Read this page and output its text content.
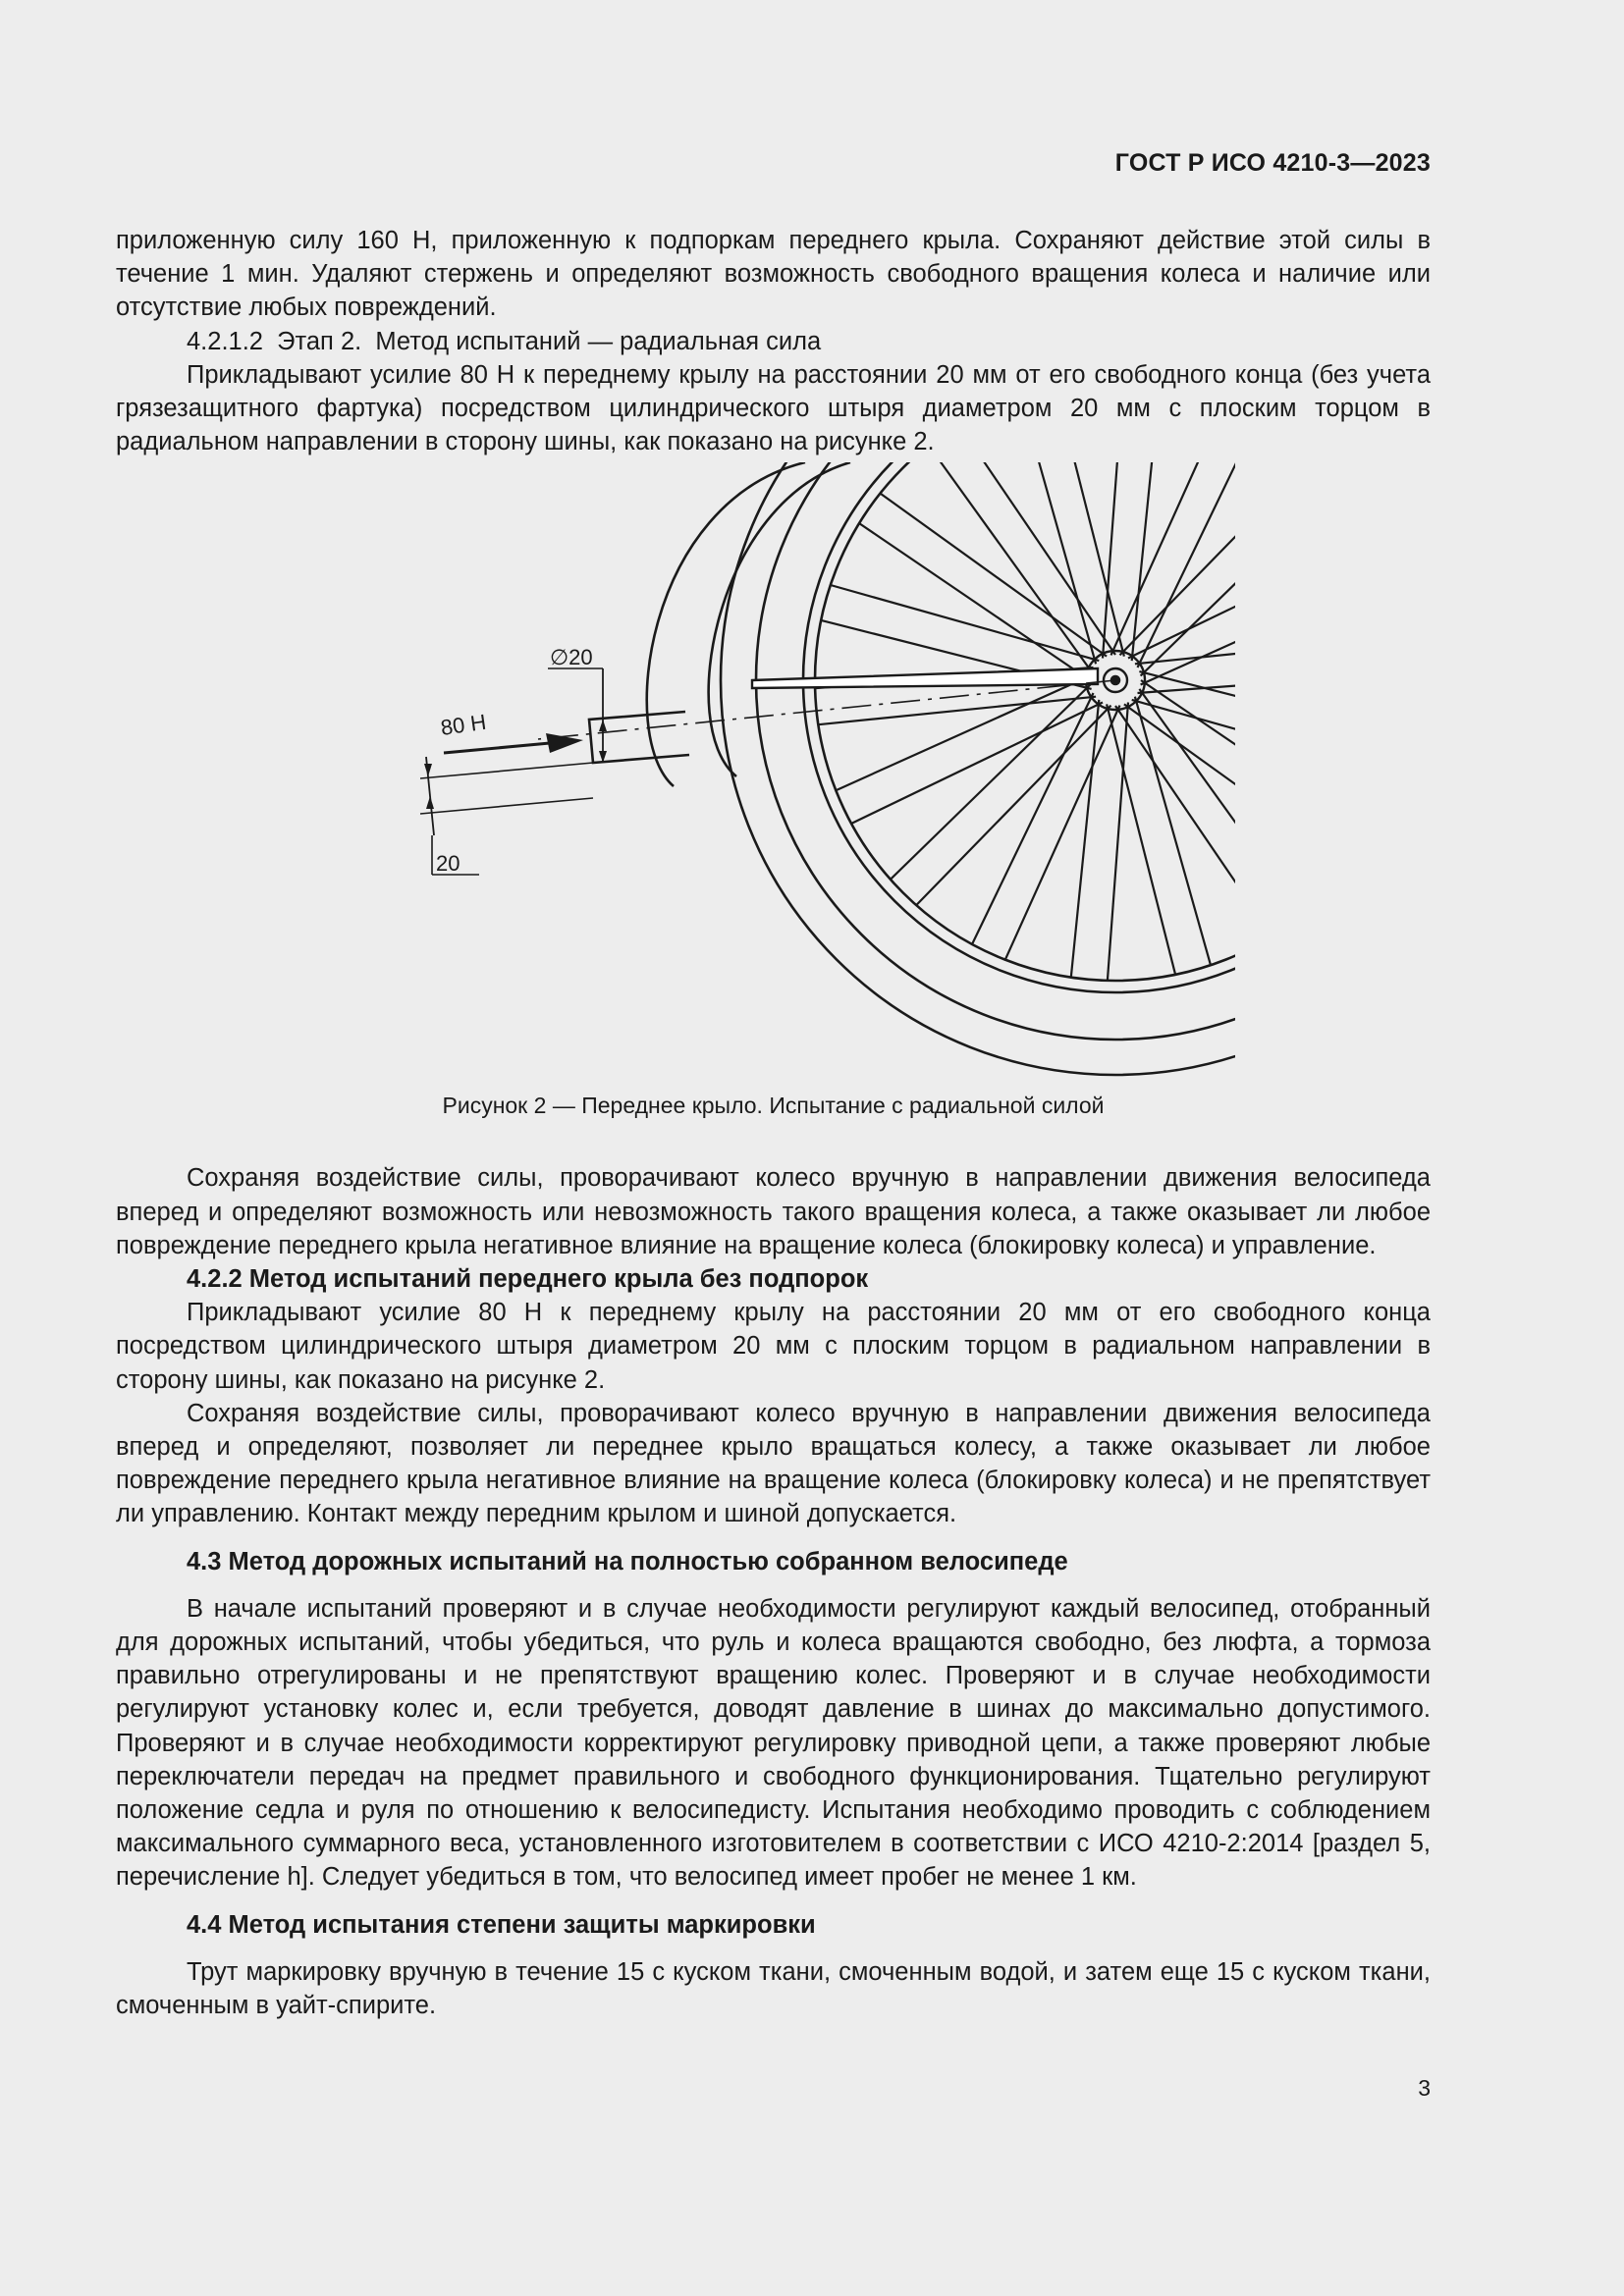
ГОСТ Р ИСО 4210-3—2023

приложенную силу 160 Н, приложенную к подпоркам переднего крыла. Сохраняют действие этой силы в течение 1 мин. Удаляют стержень и определяют возможность свободного вращения колеса и наличие или отсутствие любых повреждений.

4.2.1.2  Этап 2.  Метод испытаний — радиальная сила

Прикладывают усилие 80 Н к переднему крылу на расстоянии 20 мм от его свободного конца (без учета грязезащитного фартука) посредством цилиндрического штыря диаметром 20 мм с плоским торцом в радиальном направлении в сторону шины, как показано на рисунке 2.

∅20
80 Н
20
Рисунок 2 — Переднее крыло. Испытание с радиальной силой

Сохраняя воздействие силы, проворачивают колесо вручную в направлении движения велосипеда вперед и определяют возможность или невозможность такого вращения колеса, а также оказывает ли любое повреждение переднего крыла негативное влияние на вращение колеса (блокировку колеса) и управление.

4.2.2 Метод испытаний переднего крыла без подпорок

Прикладывают усилие 80 Н к переднему крылу на расстоянии 20 мм от его свободного конца посредством цилиндрического штыря диаметром 20 мм с плоским торцом в радиальном направлении в сторону шины, как показано на рисунке 2.

Сохраняя воздействие силы, проворачивают колесо вручную в направлении движения велосипеда вперед и определяют, позволяет ли переднее крыло вращаться колесу, а также оказывает ли любое повреждение переднего крыла негативное влияние на вращение колеса (блокировку колеса) и не препятствует ли управлению. Контакт между передним крылом и шиной допускается.

4.3 Метод дорожных испытаний на полностью собранном велосипеде

В начале испытаний проверяют и в случае необходимости регулируют каждый велосипед, отобранный для дорожных испытаний, чтобы убедиться, что руль и колеса вращаются свободно, без люфта, а тормоза правильно отрегулированы и не препятствуют вращению колес. Проверяют и в случае необходимости регулируют установку колес и, если требуется, доводят давление в шинах до максимально допустимого. Проверяют и в случае необходимости корректируют регулировку приводной цепи, а также проверяют любые переключатели передач на предмет правильного и свободного функционирования. Тщательно регулируют положение седла и руля по отношению к велосипедисту. Испытания необходимо проводить с соблюдением максимального суммарного веса, установленного изготовителем в соответствии с ИСО 4210-2:2014 [раздел 5, перечисление h]. Следует убедиться в том, что велосипед имеет пробег не менее 1 км.

4.4 Метод испытания степени защиты маркировки

Трут маркировку вручную в течение 15 с куском ткани, смоченным водой, и затем еще 15 с куском ткани, смоченным в уайт-спирите.

3
